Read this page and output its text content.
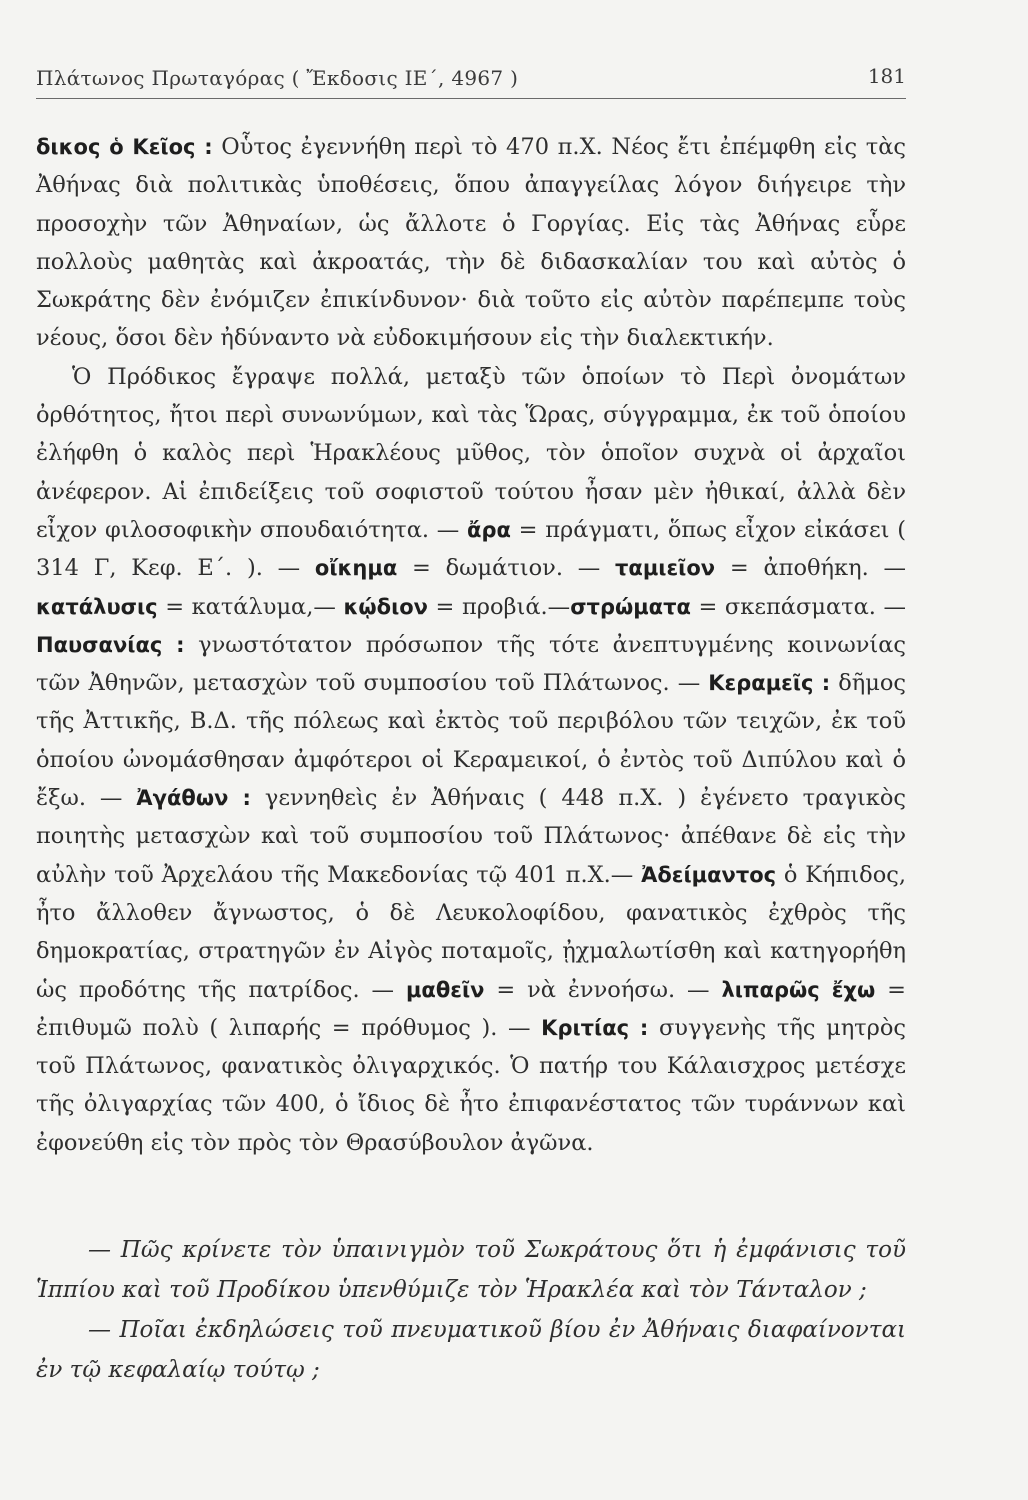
Πλάτωνος Πρωταγόρας ( Ἔκδοσις ΙΕ΄, 4967 )	181

δικος ὁ Κεῖος : Οὗτος ἐγεννήθη περὶ τὸ 470 π.Χ. Νέος ἔτι ἐπέμφθη εἰς τὰς Ἀθήνας διὰ πολιτικὰς ὑποθέσεις, ὅπου ἀπαγγείλας λόγον διήγειρε τὴν προσοχὴν τῶν Ἀθηναίων, ὡς ἄλλοτε ὁ Γοργίας. Εἰς τὰς Ἀθήνας εὗρε πολλοὺς μαθητὰς καὶ ἀκροατάς, τὴν δὲ διδασκαλίαν του καὶ αὐτὸς ὁ Σωκράτης δὲν ἐνόμιζεν ἐπικίνδυνον· διὰ τοῦτο εἰς αὐτὸν παρέπεμπε τοὺς νέους, ὅσοι δὲν ἠδύναντο νὰ εὐδοκιμήσουν εἰς τὴν διαλεκτικήν.

Ὁ Πρόδικος ἔγραψε πολλά, μεταξὺ τῶν ὁποίων τὸ Περὶ ὀνομάτων ὀρθότητος, ἤτοι περὶ συνωνύμων, καὶ τὰς Ὥρας, σύγγραμμα, ἐκ τοῦ ὁποίου ἐλήφθη ὁ καλὸς περὶ Ἡρακλέους μῦθος, τὸν ὁποῖον συχνὰ οἱ ἀρχαῖοι ἀνέφερον. Αἱ ἐπιδείξεις τοῦ σοφιστοῦ τούτου ἦσαν μὲν ἠθικαί, ἀλλὰ δὲν εἶχον φιλοσοφικὴν σπουδαιότητα. — ἄρα = πράγματι, ὅπως εἶχον εἰκάσει ( 314 Γ, Κεφ. Ε΄. ). — οἴκημα = δωμάτιον. — ταμιεῖον = ἀποθήκη. — κατάλυσις = κατάλυμα,— κῴδιον = προβιά.—στρώματα = σκεπάσματα. — Παυσανίας : γνωστότατον πρόσωπον τῆς τότε ἀνεπτυγμένης κοινωνίας τῶν Ἀθηνῶν, μετασχὼν τοῦ συμποσίου τοῦ Πλάτωνος. — Κεραμεῖς : δῆμος τῆς Ἀττικῆς, Β.Δ. τῆς πόλεως καὶ ἐκτὸς τοῦ περιβόλου τῶν τειχῶν, ἐκ τοῦ ὁποίου ὠνομάσθησαν ἀμφότεροι οἱ Κεραμεικοί, ὁ ἐντὸς τοῦ Διπύλου καὶ ὁ ἔξω. — Ἀγάθων : γεννηθεὶς ἐν Ἀθήναις ( 448 π.Χ. ) ἐγένετο τραγικὸς ποιητὴς μετασχὼν καὶ τοῦ συμποσίου τοῦ Πλάτωνος· ἀπέθανε δὲ εἰς τὴν αὐλὴν τοῦ Ἀρχελάου τῆς Μακεδονίας τῷ 401 π.Χ.— Ἀδείμαντος ὁ Κήπιδος, ἦτο ἄλλοθεν ἄγνωστος, ὁ δὲ Λευκολοφίδου, φανατικὸς ἐχθρὸς τῆς δημοκρατίας, στρατηγῶν ἐν Αἰγὸς ποταμοῖς, ᾐχμαλωτίσθη καὶ κατηγορήθη ὡς προδότης τῆς πατρίδος. — μαθεῖν = νὰ ἐννοήσω. — λιπαρῶς ἔχω = ἐπιθυμῶ πολὺ ( λιπαρής = πρόθυμος ). — Κριτίας : συγγενὴς τῆς μητρὸς τοῦ Πλάτωνος, φανατικὸς ὀλιγαρχικός. Ὁ πατήρ του Κάλαισχρος μετέσχε τῆς ὀλιγαρχίας τῶν 400, ὁ ἴδιος δὲ ἦτο ἐπιφανέστατος τῶν τυράννων καὶ ἐφονεύθη εἰς τὸν πρὸς τὸν Θρασύβουλον ἀγῶνα.

— Πῶς κρίνετε τὸν ὑπαινιγμὸν τοῦ Σωκράτους ὅτι ἡ ἐμφάνισις τοῦ Ἱππίου καὶ τοῦ Προδίκου ὑπενθύμιζε τὸν Ἡρακλέα καὶ τὸν Τάνταλον ;

— Ποῖαι ἐκδηλώσεις τοῦ πνευματικοῦ βίου ἐν Ἀθήναις διαφαίνονται ἐν τῷ κεφαλαίῳ τούτῳ ;
